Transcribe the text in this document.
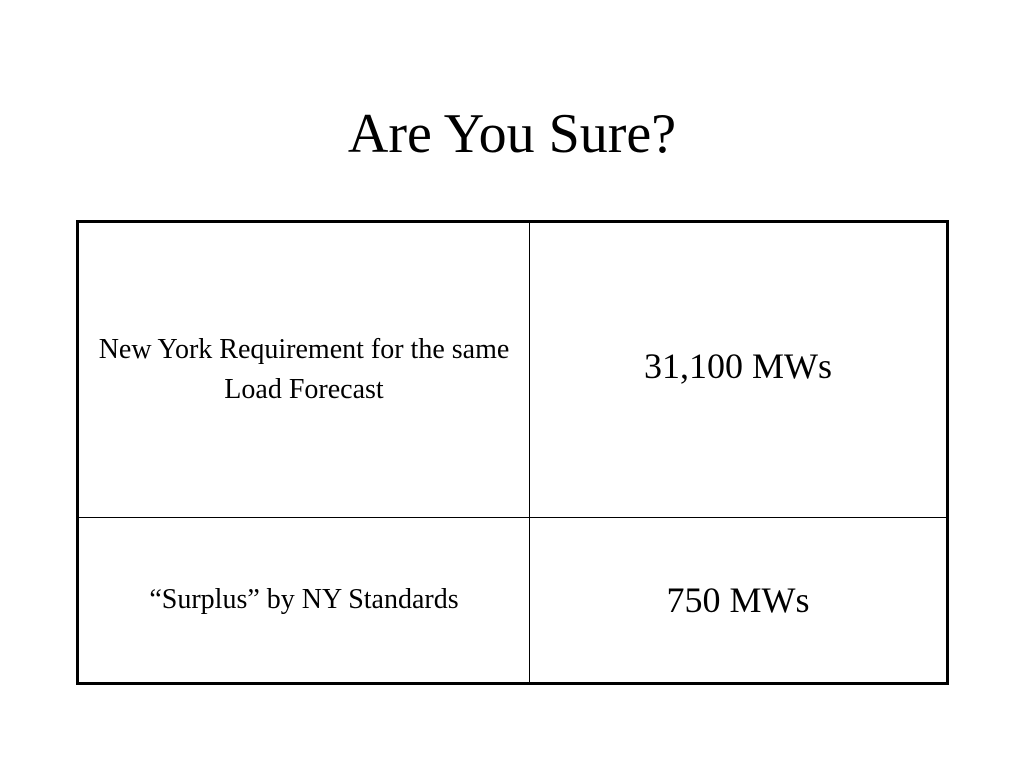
Are You Sure?
New York Requirement for the same Load Forecast	31,100 MWs
“Surplus” by NY Standards	750 MWs
